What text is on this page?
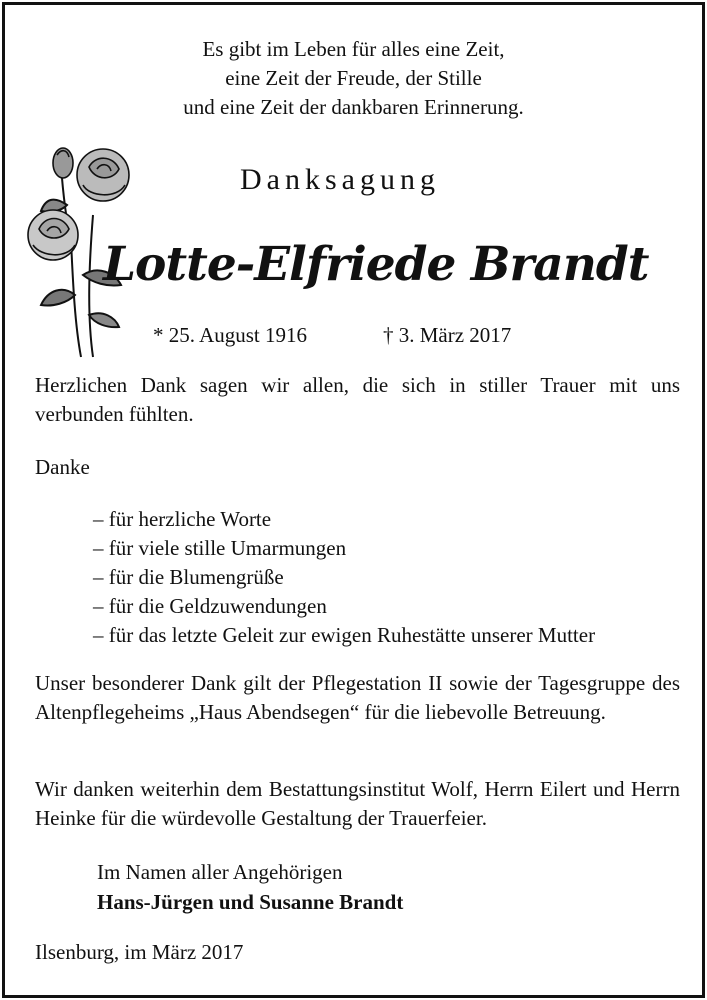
Es gibt im Leben für alles eine Zeit,
eine Zeit der Freude, der Stille
und eine Zeit der dankbaren Erinnerung.
Danksagung
Lotte-Elfriede Brandt
* 25. August 1916	† 3. März 2017
Herzlichen Dank sagen wir allen, die sich in stiller Trauer mit uns verbunden fühlten.
Danke
– für herzliche Worte
– für viele stille Umarmungen
– für die Blumengrüße
– für die Geldzuwendungen
– für das letzte Geleit zur ewigen Ruhestätte unserer Mutter
Unser besonderer Dank gilt der Pflegestation II sowie der Tagesgruppe des Altenpflegeheims „Haus Abendsegen“ für die liebevolle Betreuung.
Wir danken weiterhin dem Bestattungsinstitut Wolf, Herrn Eilert und Herrn Heinke für die würdevolle Gestaltung der Trauerfeier.
Im Namen aller Angehörigen
Hans-Jürgen und Susanne Brandt
Ilsenburg, im März 2017
